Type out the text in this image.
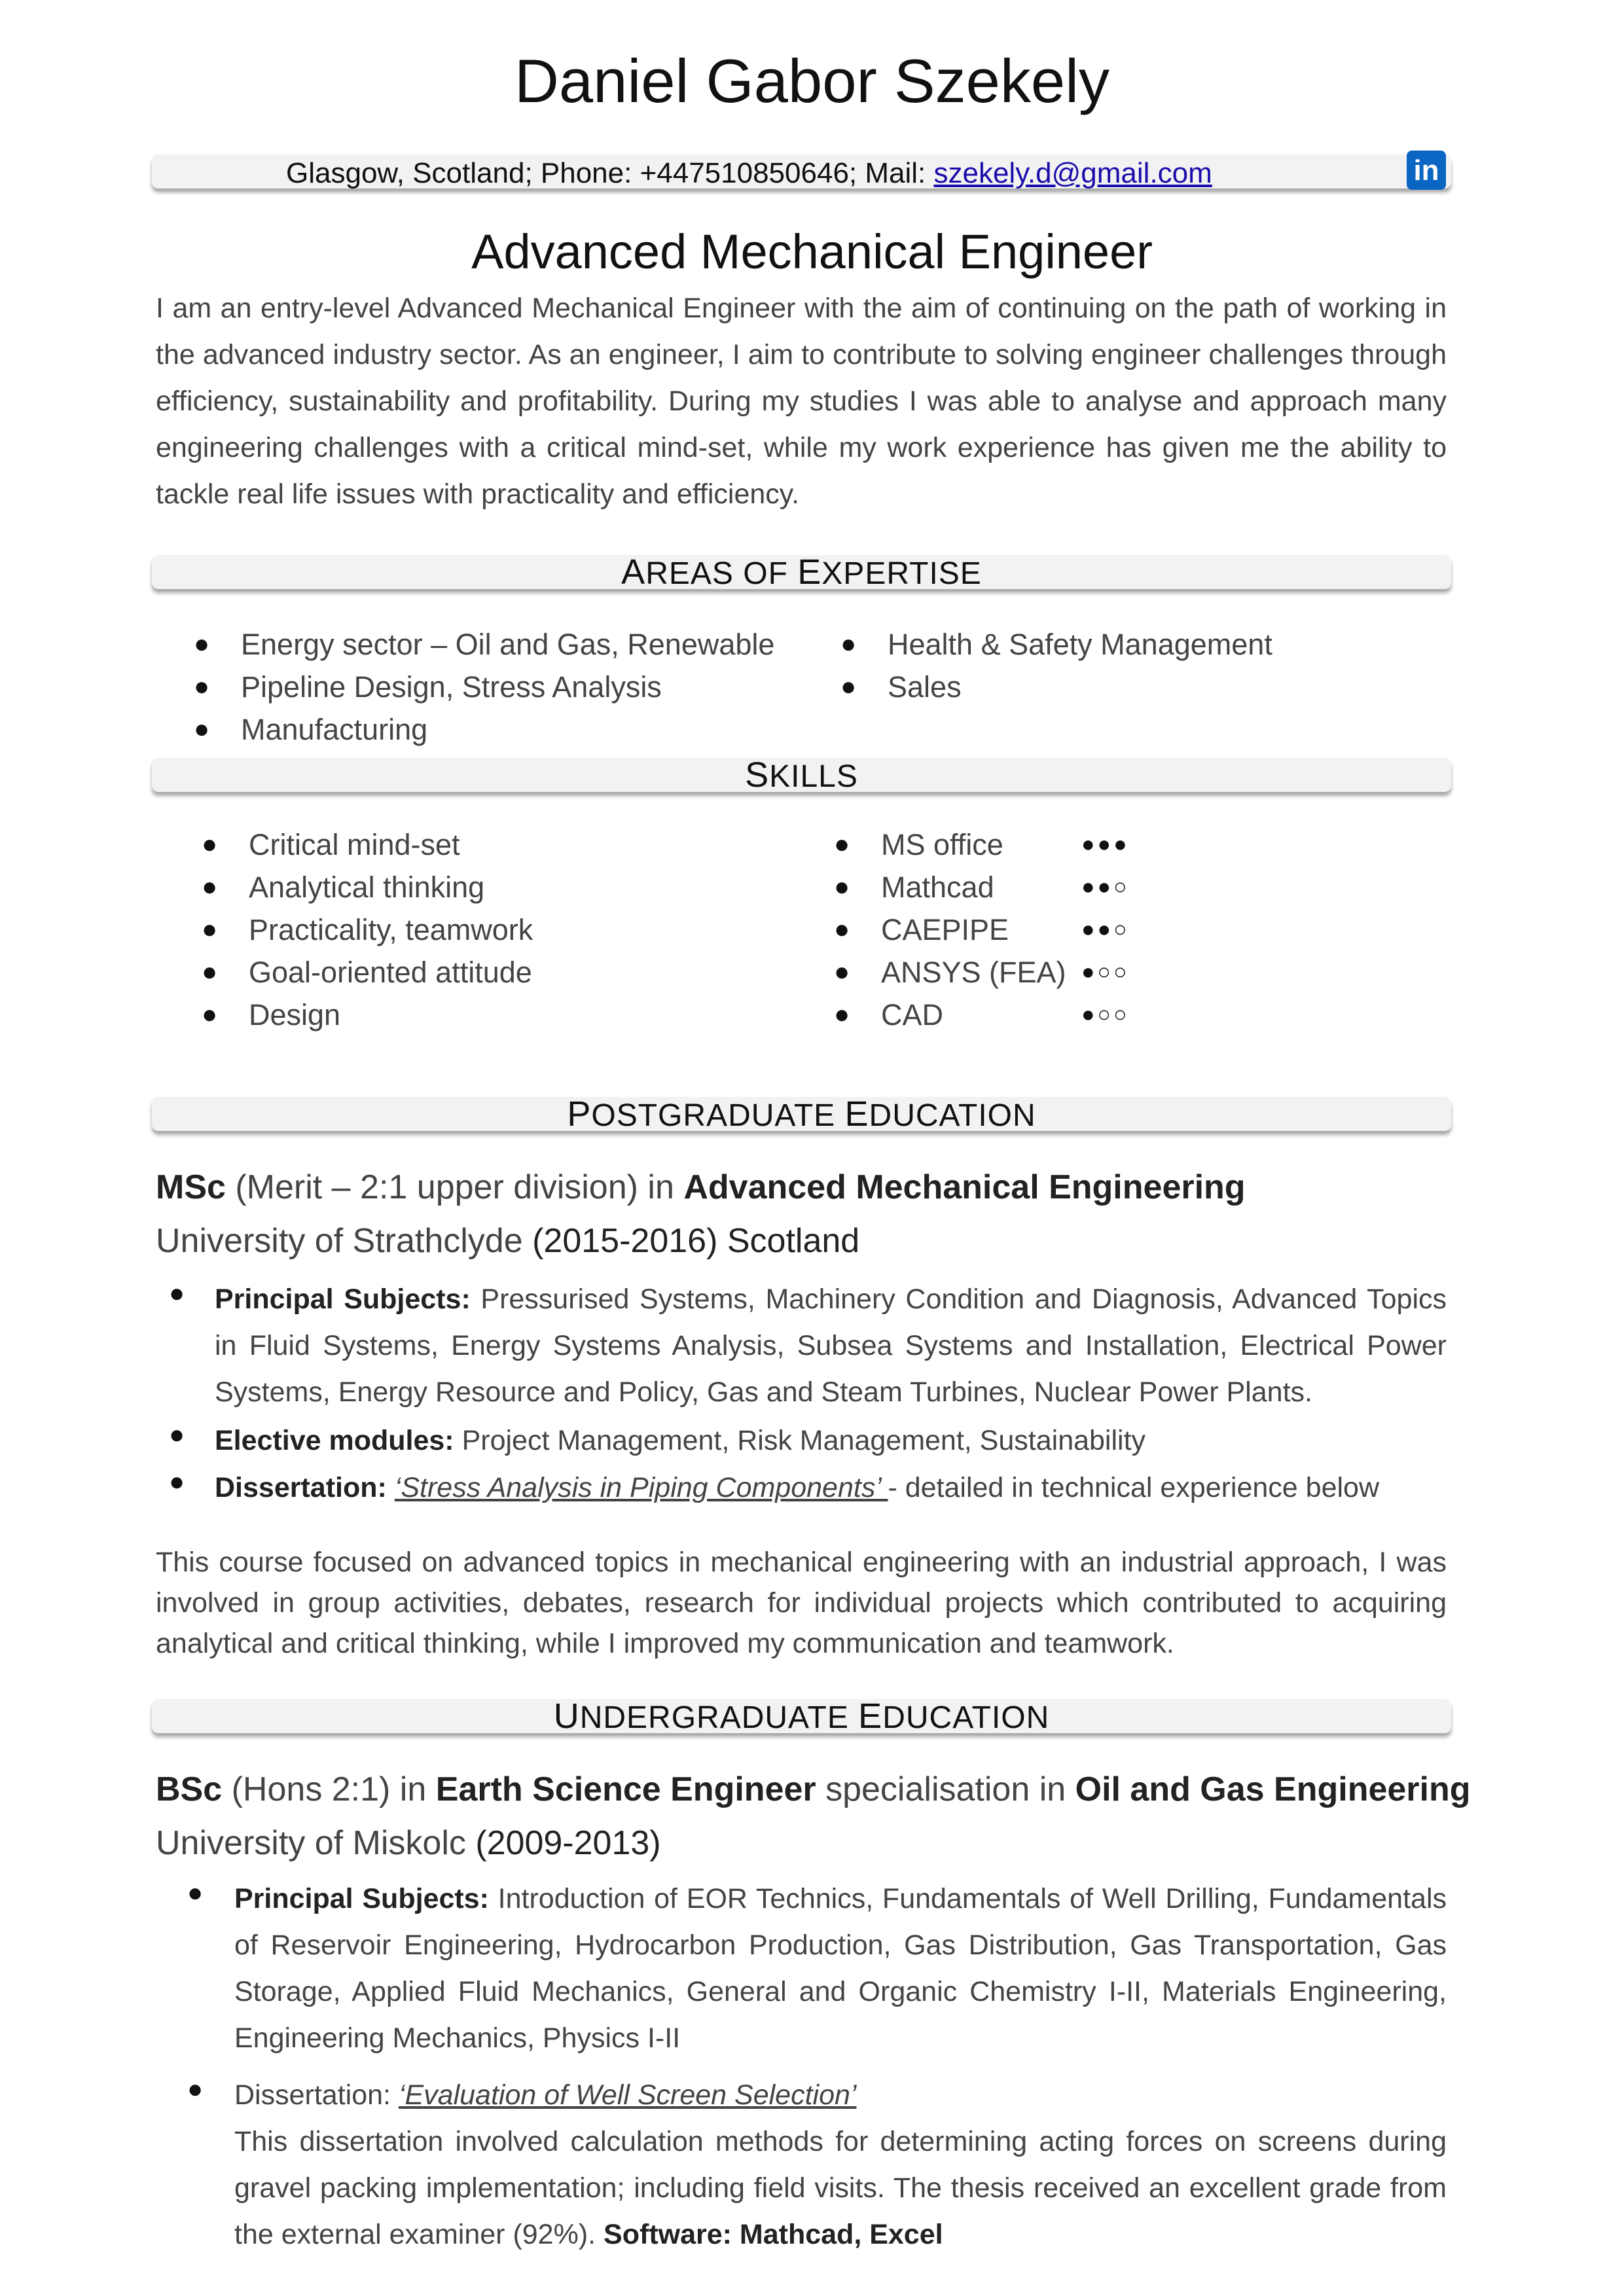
Daniel Gabor Szekely
Glasgow, Scotland; Phone: +447510850646; Mail: szekely.d@gmail.com	in
Advanced Mechanical Engineer
I am an entry-level Advanced Mechanical Engineer with the aim of continuing on the path of working in the advanced industry sector. As an engineer, I aim to contribute to solving engineer challenges through efficiency, sustainability and profitability. During my studies I was able to analyse and approach many engineering challenges with a critical mind-set, while my work experience has given me the ability to tackle real life issues with practicality and efficiency.
AREAS OF EXPERTISE
● Energy sector – Oil and Gas, Renewable
● Pipeline Design, Stress Analysis
● Manufacturing
● Health & Safety Management
● Sales
SKILLS
● Critical mind-set
● Analytical thinking
● Practicality, teamwork
● Goal-oriented attitude
● Design
● MS office	●●●
● Mathcad	●●○
● CAEPIPE	●●○
● ANSYS (FEA) ●○○
● CAD	●○○
POSTGRADUATE EDUCATION
MSc (Merit – 2:1 upper division) in Advanced Mechanical Engineering
University of Strathclyde (2015-2016) Scotland
● Principal Subjects: Pressurised Systems, Machinery Condition and Diagnosis, Advanced Topics in Fluid Systems, Energy Systems Analysis, Subsea Systems and Installation, Electrical Power Systems, Energy Resource and Policy, Gas and Steam Turbines, Nuclear Power Plants.
● Elective modules: Project Management, Risk Management, Sustainability
● Dissertation: ‘Stress Analysis in Piping Components’ - detailed in technical experience below
This course focused on advanced topics in mechanical engineering with an industrial approach, I was involved in group activities, debates, research for individual projects which contributed to acquiring analytical and critical thinking, while I improved my communication and teamwork.
UNDERGRADUATE EDUCATION
BSc (Hons 2:1) in Earth Science Engineer specialisation in Oil and Gas Engineering
University of Miskolc (2009-2013)
● Principal Subjects: Introduction of EOR Technics, Fundamentals of Well Drilling, Fundamentals of Reservoir Engineering, Hydrocarbon Production, Gas Distribution, Gas Transportation, Gas Storage, Applied Fluid Mechanics, General and Organic Chemistry I-II, Materials Engineering, Engineering Mechanics, Physics I-II
● Dissertation: ‘Evaluation of Well Screen Selection’
This dissertation involved calculation methods for determining acting forces on screens during gravel packing implementation; including field visits. The thesis received an excellent grade from the external examiner (92%). Software: Mathcad, Excel
